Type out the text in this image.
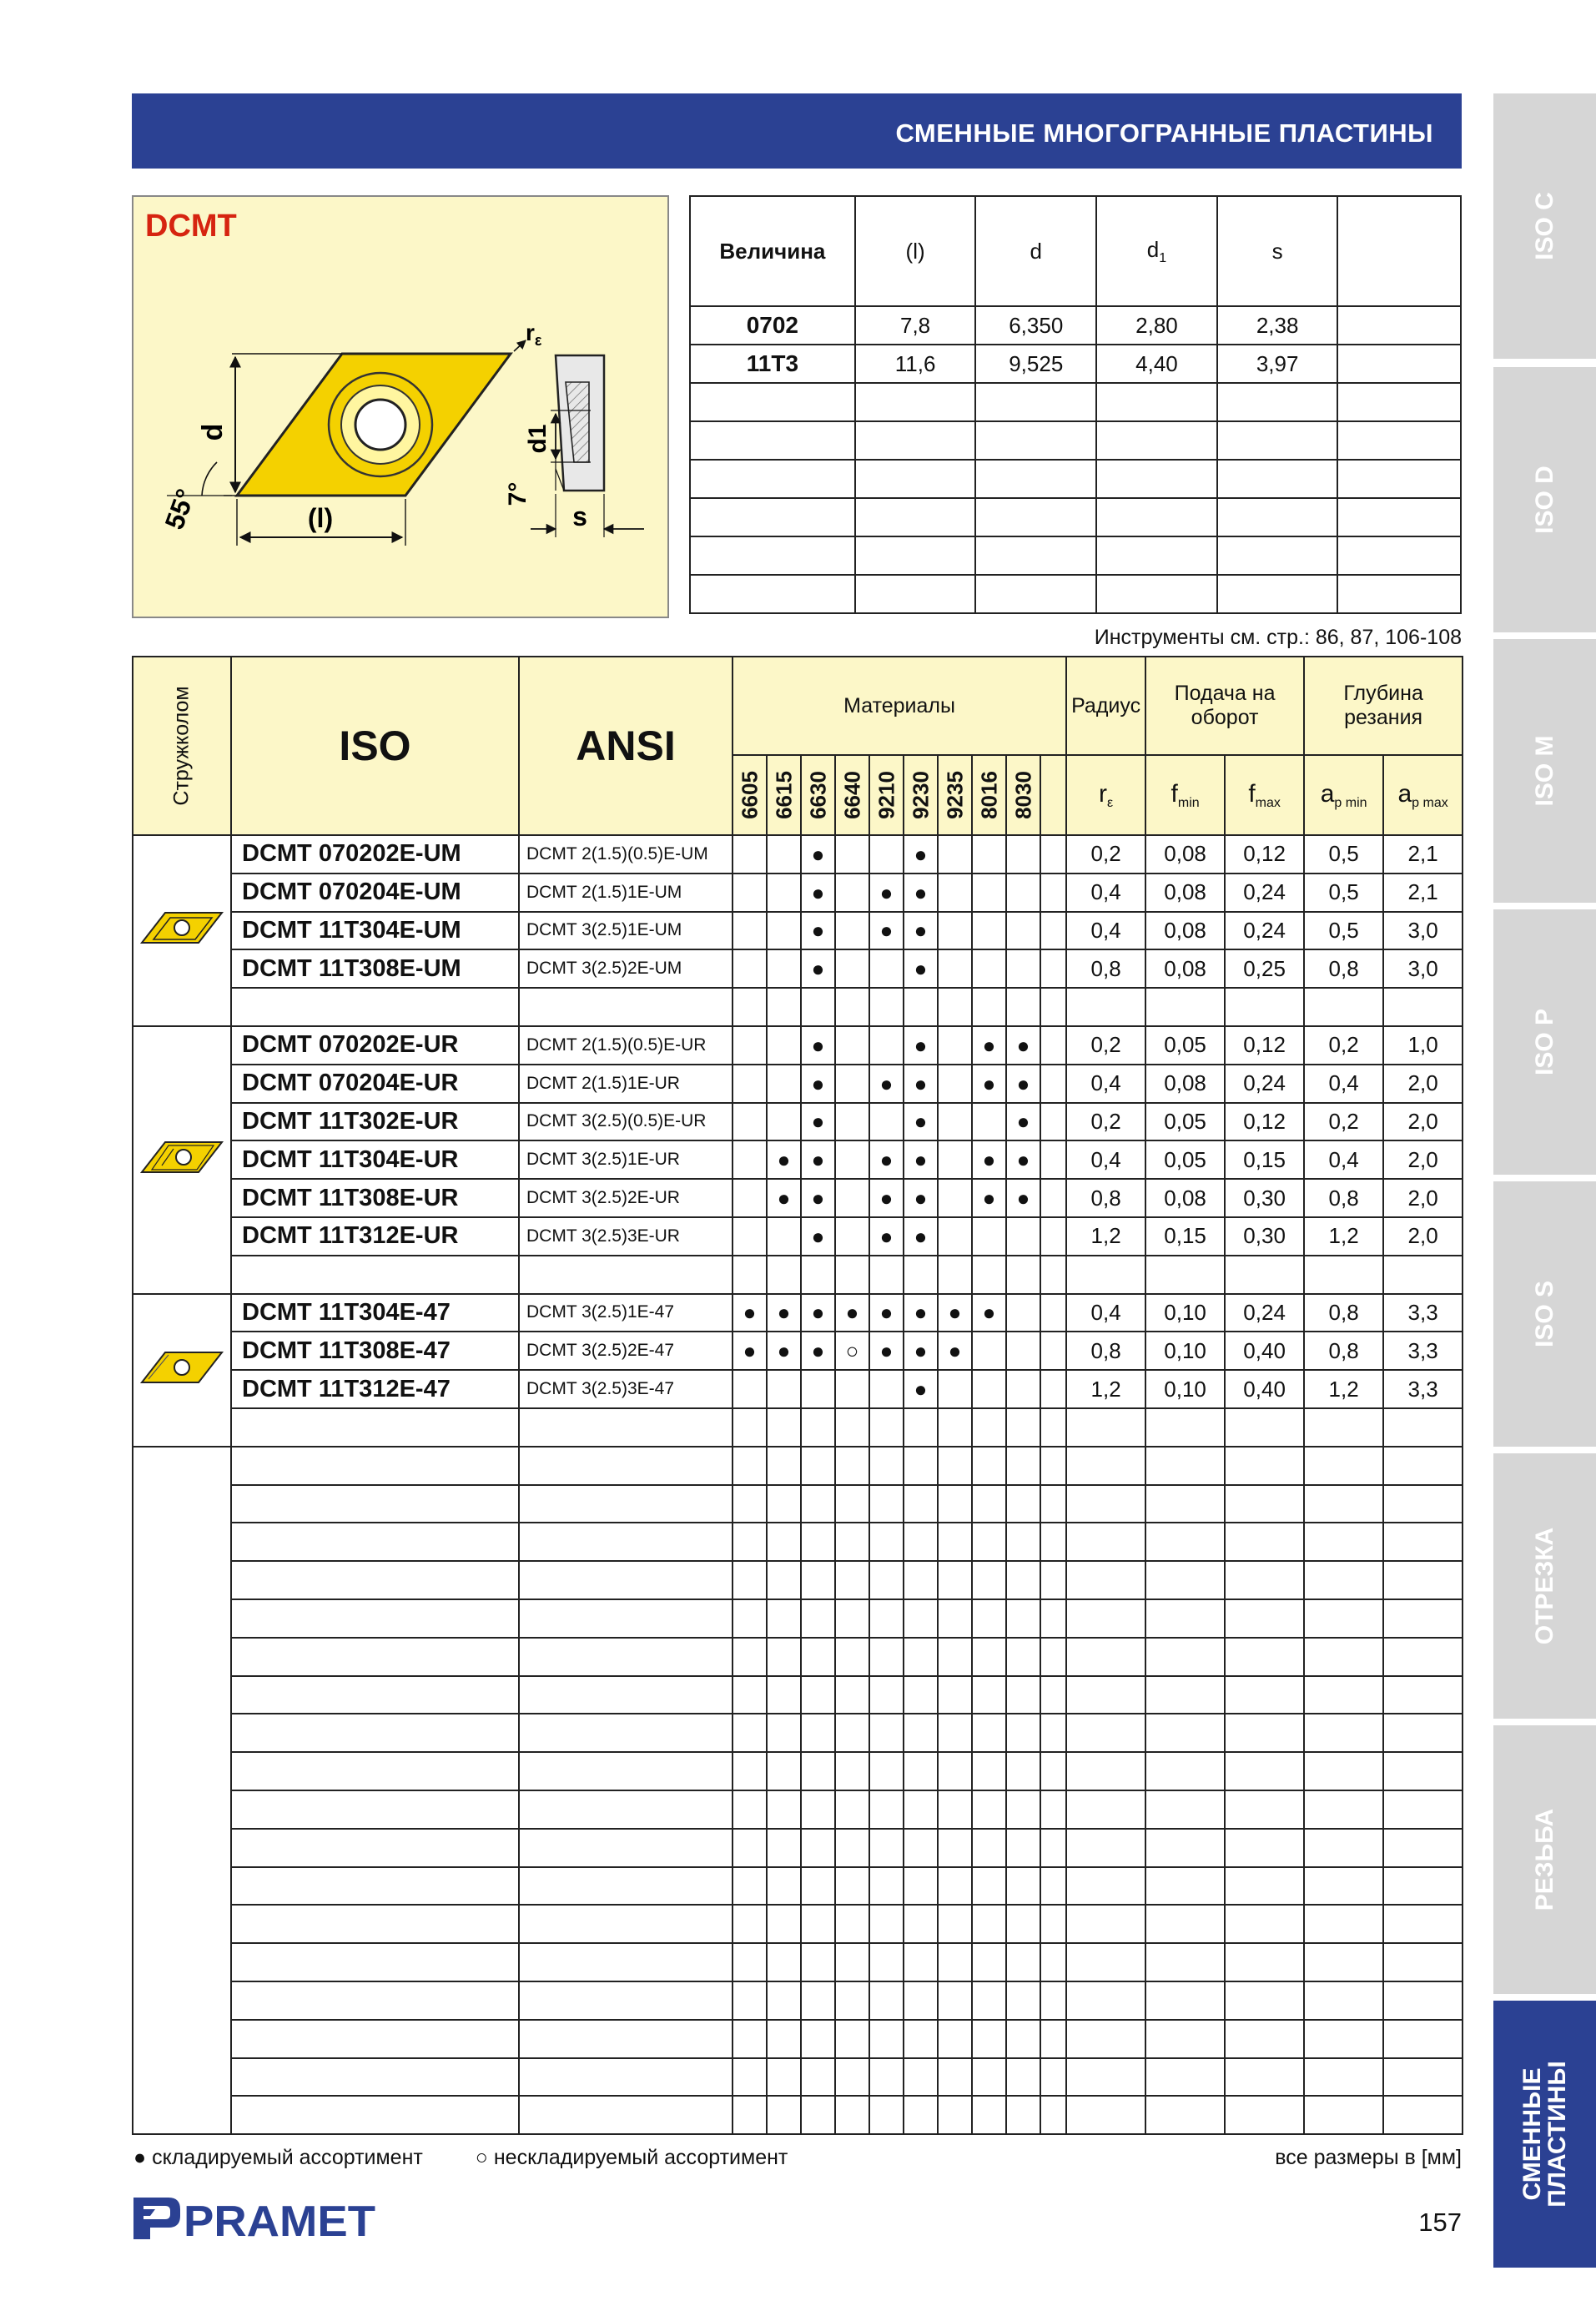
СМЕННЫЕ МНОГОГРАННЫЕ ПЛАСТИНЫ
ISO C
ISO D
ISO M
ISO P
ISO S
ОТРЕЗКА
РЕЗЬБА
СМЕННЫЕ ПЛАСТИНЫ
DCMT
d
(l)
55°
$r_\varepsilon$
d1
7°
s
Величина	(l)	d	$d_1$	s	
0702	7,8	6,350	2,80	2,38	
11T3	11,6	9,525	4,40	3,97	

Инструменты см. стр.: 86, 87, 106-108
Стружколом	ISO	ANSI	Материалы										Радиус	Подача на оборот		Глубина резания	

			6605	6615	6630	6640	9210	9230	9235	8016	8030		$r_\varepsilon$	$f_{min}$	$f_{max}$	$a_{p min}$	$a_{p max}$
	DCMT 070202E-UM	DCMT 2(1.5)(0.5)E-UM			●			●					0,2	0,08	0,12	0,5	2,1
	DCMT 070204E-UM	DCMT 2(1.5)1E-UM			●		●	●					0,4	0,08	0,24	0,5	2,1
	DCMT 11T304E-UM	DCMT 3(2.5)1E-UM			●		●	●					0,4	0,08	0,24	0,5	3,0
	DCMT 11T308E-UM	DCMT 3(2.5)2E-UM			●			●					0,8	0,08	0,25	0,8	3,0

	DCMT 070202E-UR	DCMT 2(1.5)(0.5)E-UR			●			●		●	●		0,2	0,05	0,12	0,2	1,0
	DCMT 070204E-UR	DCMT 2(1.5)1E-UR			●		●	●		●	●		0,4	0,08	0,24	0,4	2,0
	DCMT 11T302E-UR	DCMT 3(2.5)(0.5)E-UR			●			●			●		0,2	0,05	0,12	0,2	2,0
	DCMT 11T304E-UR	DCMT 3(2.5)1E-UR		●	●		●	●		●	●		0,4	0,05	0,15	0,4	2,0
	DCMT 11T308E-UR	DCMT 3(2.5)2E-UR		●	●		●	●		●	●		0,8	0,08	0,30	0,8	2,0
	DCMT 11T312E-UR	DCMT 3(2.5)3E-UR			●		●	●					1,2	0,15	0,30	1,2	2,0

	DCMT 11T304E-47	DCMT 3(2.5)1E-47	●	●	●	●	●	●	●	●			0,4	0,10	0,24	0,8	3,3
	DCMT 11T308E-47	DCMT 3(2.5)2E-47	●	●	●	○	●	●	●				0,8	0,10	0,40	0,8	3,3
	DCMT 11T312E-47	DCMT 3(2.5)3E-47						●					1,2	0,10	0,40	1,2	3,3

● складируемый ассортимент	○ нескладируемый ассортимент	все размеры в [мм]
PRAMET	157
